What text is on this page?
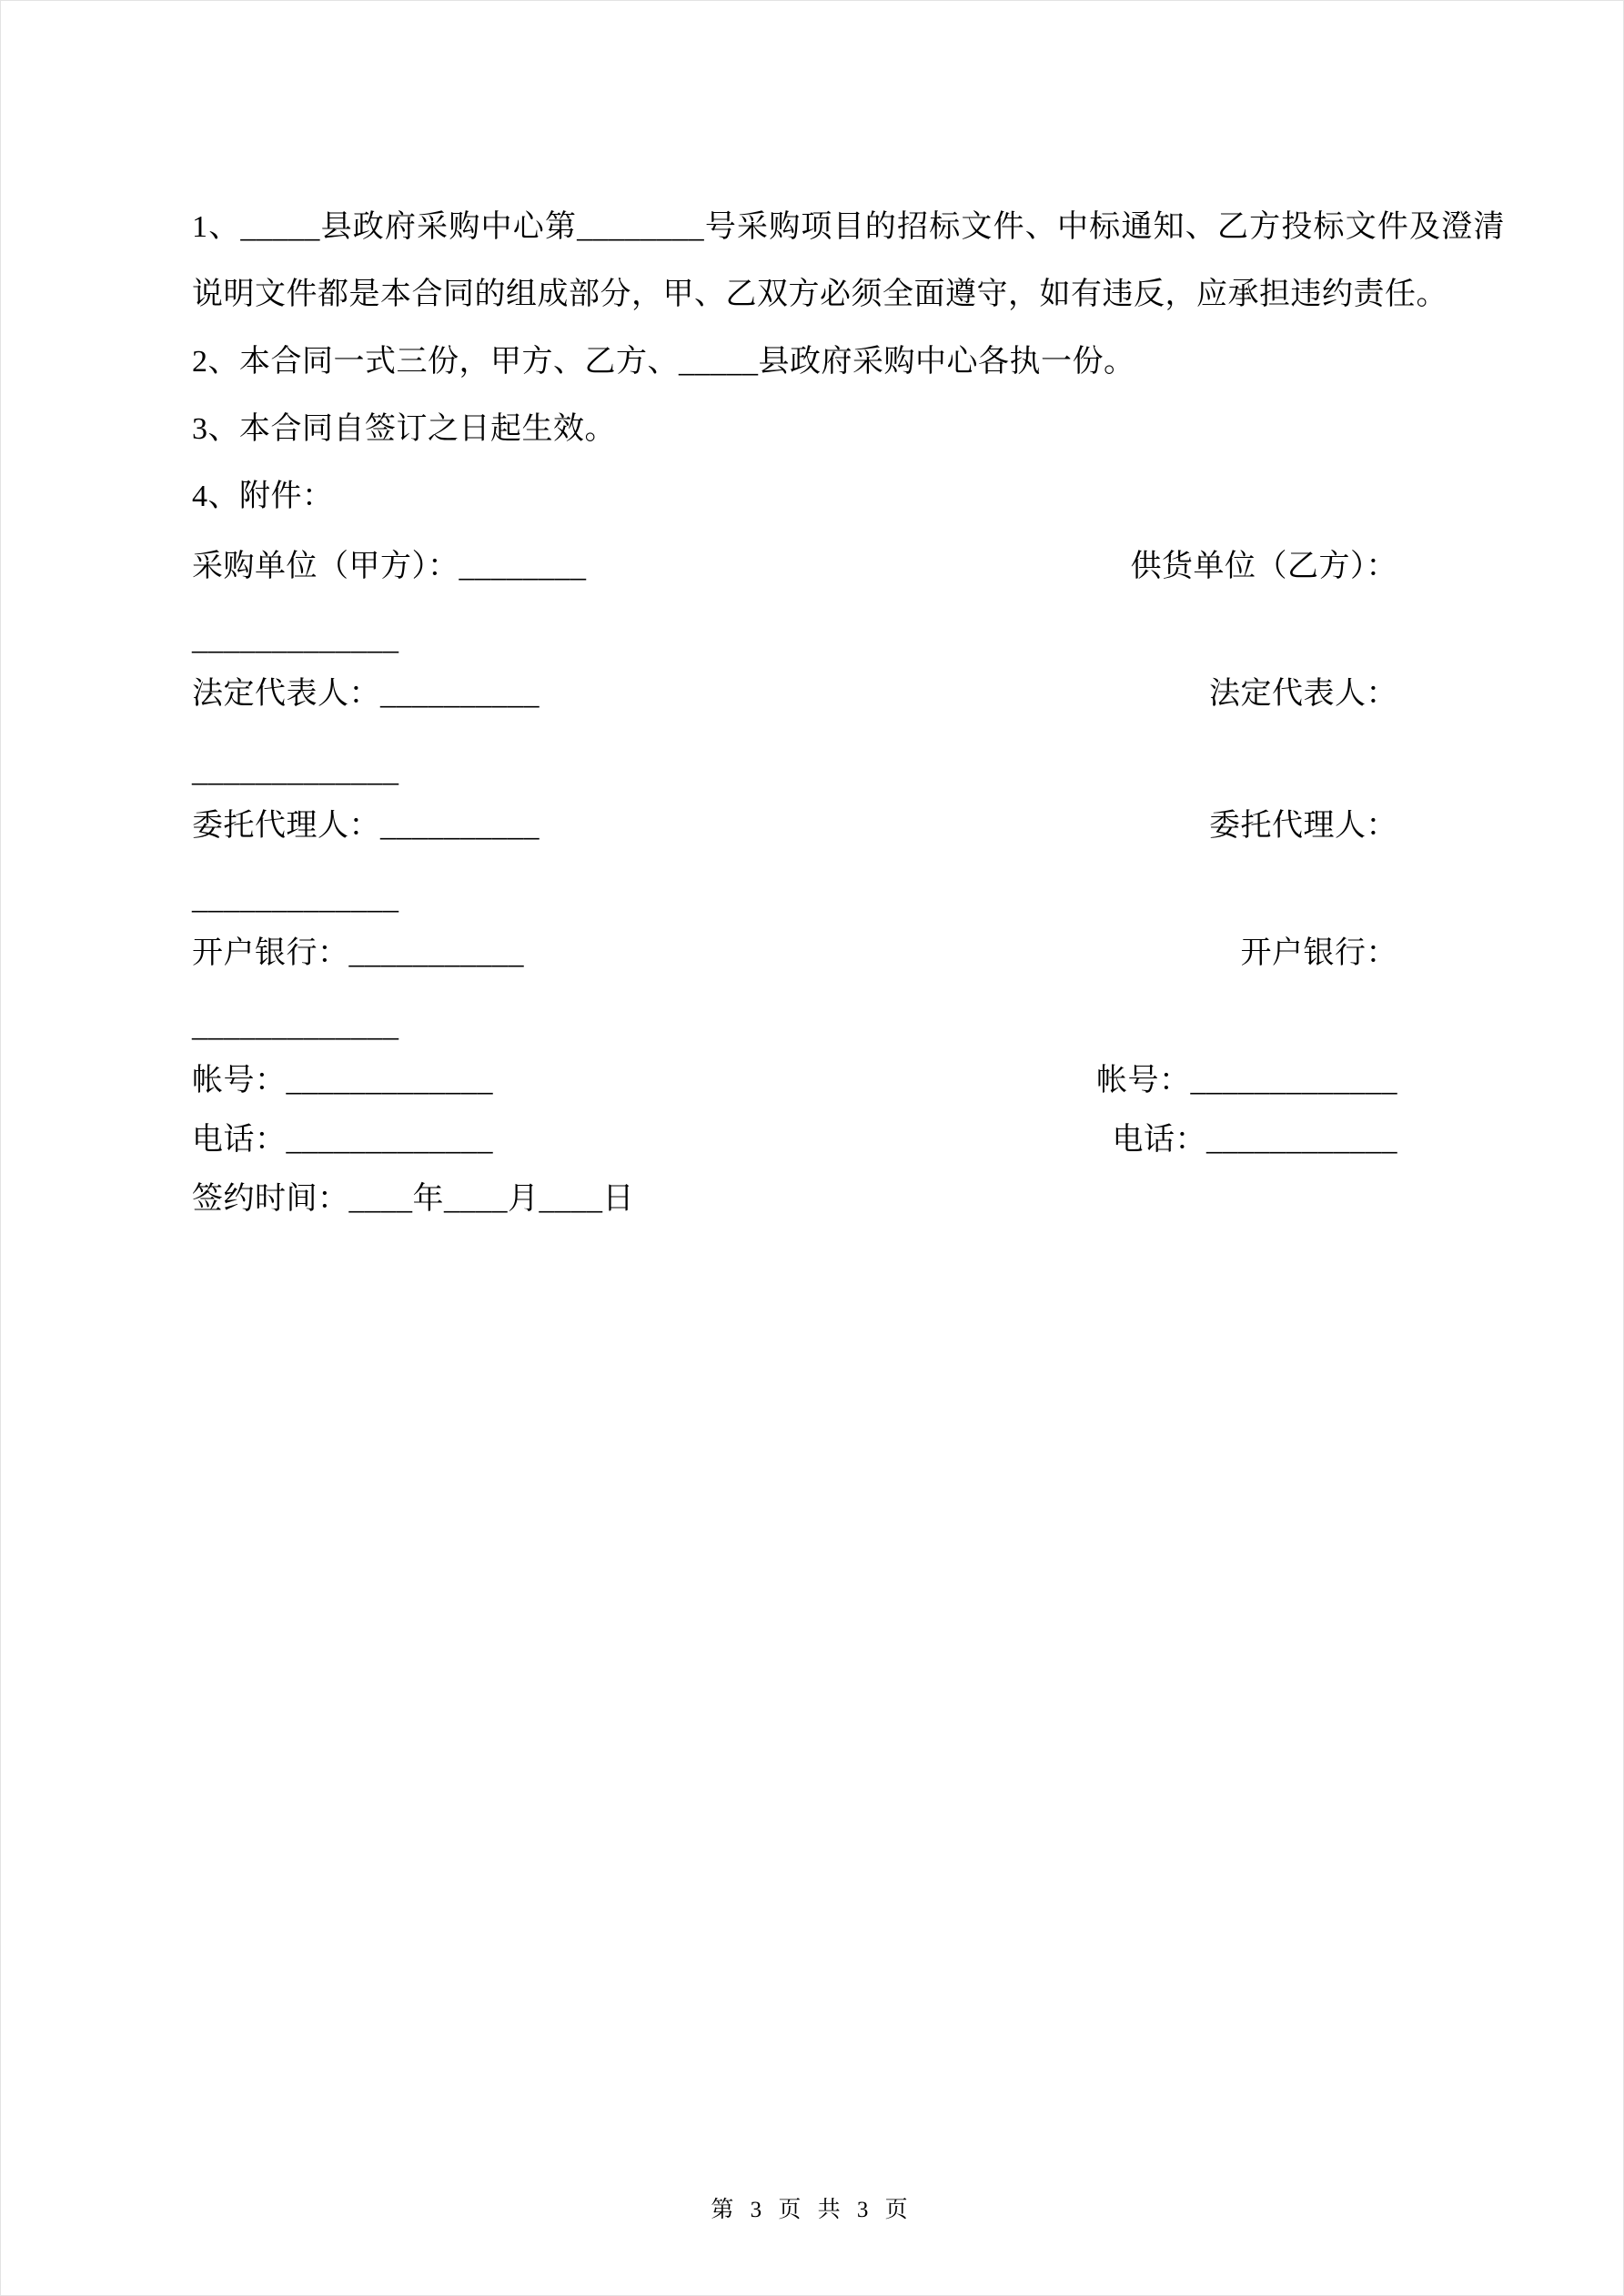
1、_____县政府采购中心第________号采购项目的招标文件、中标通知、乙方投标文件及澄清说明文件都是本合同的组成部分，甲、乙双方必须全面遵守，如有违反，应承担违约责任。

2、本合同一式三份，甲方、乙方、_____县政府采购中心各执一份。

3、本合同自签订之日起生效。

4、附件：

采购单位（甲方）：________	供货单位（乙方）：
_____________
法定代表人：__________	法定代表人：
_____________
委托代理人：__________	委托代理人：
_____________
开户银行：___________	开户银行：
_____________
帐号：_____________	帐号：_____________
电话：_____________	电话：____________
签约时间：____年____月____日
第 3 页 共 3 页
